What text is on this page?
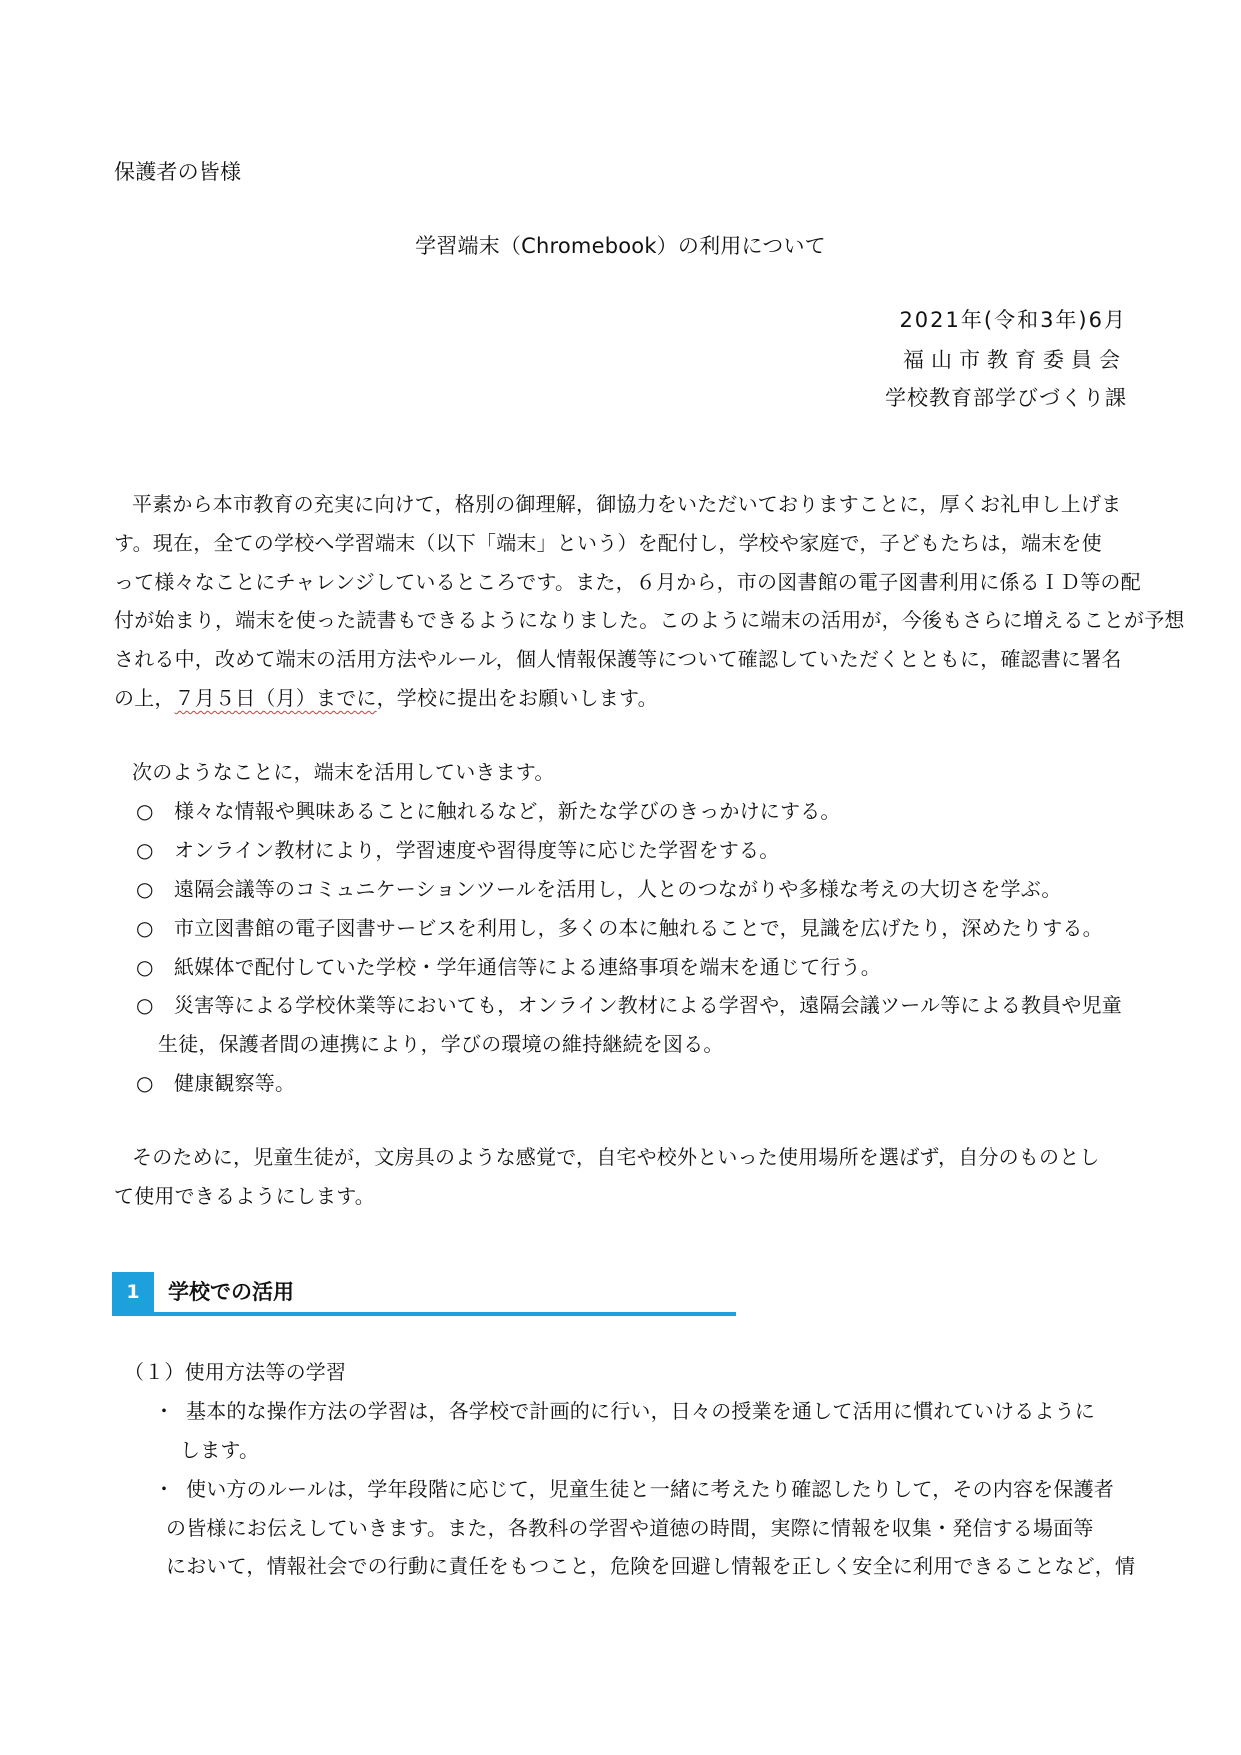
保護者の皆様
学習端末（Chromebook）の利用について
2021年(令和3年)6月
福山市教育委員会
学校教育部学びづくり課
平素から本市教育の充実に向けて，格別の御理解，御協力をいただいておりますことに，厚くお礼申し上げま
す。現在，全ての学校へ学習端末（以下「端末」という）を配付し，学校や家庭で，子どもたちは，端末を使
って様々なことにチャレンジしているところです。また，６月から，市の図書館の電子図書利用に係るＩＤ等の配
付が始まり，端末を使った読書もできるようになりました。このように端末の活用が，今後もさらに増えることが予想
される中，改めて端末の活用方法やルール，個人情報保護等について確認していただくとともに，確認書に署名
の上，７月５日（月）までに，学校に提出をお願いします。
次のようなことに，端末を活用していきます。
○ 様々な情報や興味あることに触れるなど，新たな学びのきっかけにする。
○ オンライン教材により，学習速度や習得度等に応じた学習をする。
○ 遠隔会議等のコミュニケーションツールを活用し，人とのつながりや多様な考えの大切さを学ぶ。
○ 市立図書館の電子図書サービスを利用し，多くの本に触れることで，見識を広げたり，深めたりする。
○ 紙媒体で配付していた学校・学年通信等による連絡事項を端末を通じて行う。
○ 災害等による学校休業等においても，オンライン教材による学習や，遠隔会議ツール等による教員や児童
生徒，保護者間の連携により，学びの環境の維持継続を図る。
○ 健康観察等。
そのために，児童生徒が，文房具のような感覚で，自宅や校外といった使用場所を選ばず，自分のものとし
て使用できるようにします。
1	学校での活用
（１）使用方法等の学習
・ 基本的な操作方法の学習は，各学校で計画的に行い，日々の授業を通して活用に慣れていけるように
します。
・ 使い方のルールは，学年段階に応じて，児童生徒と一緒に考えたり確認したりして，その内容を保護者
の皆様にお伝えしていきます。また，各教科の学習や道徳の時間，実際に情報を収集・発信する場面等
において，情報社会での行動に責任をもつこと，危険を回避し情報を正しく安全に利用できることなど，情
